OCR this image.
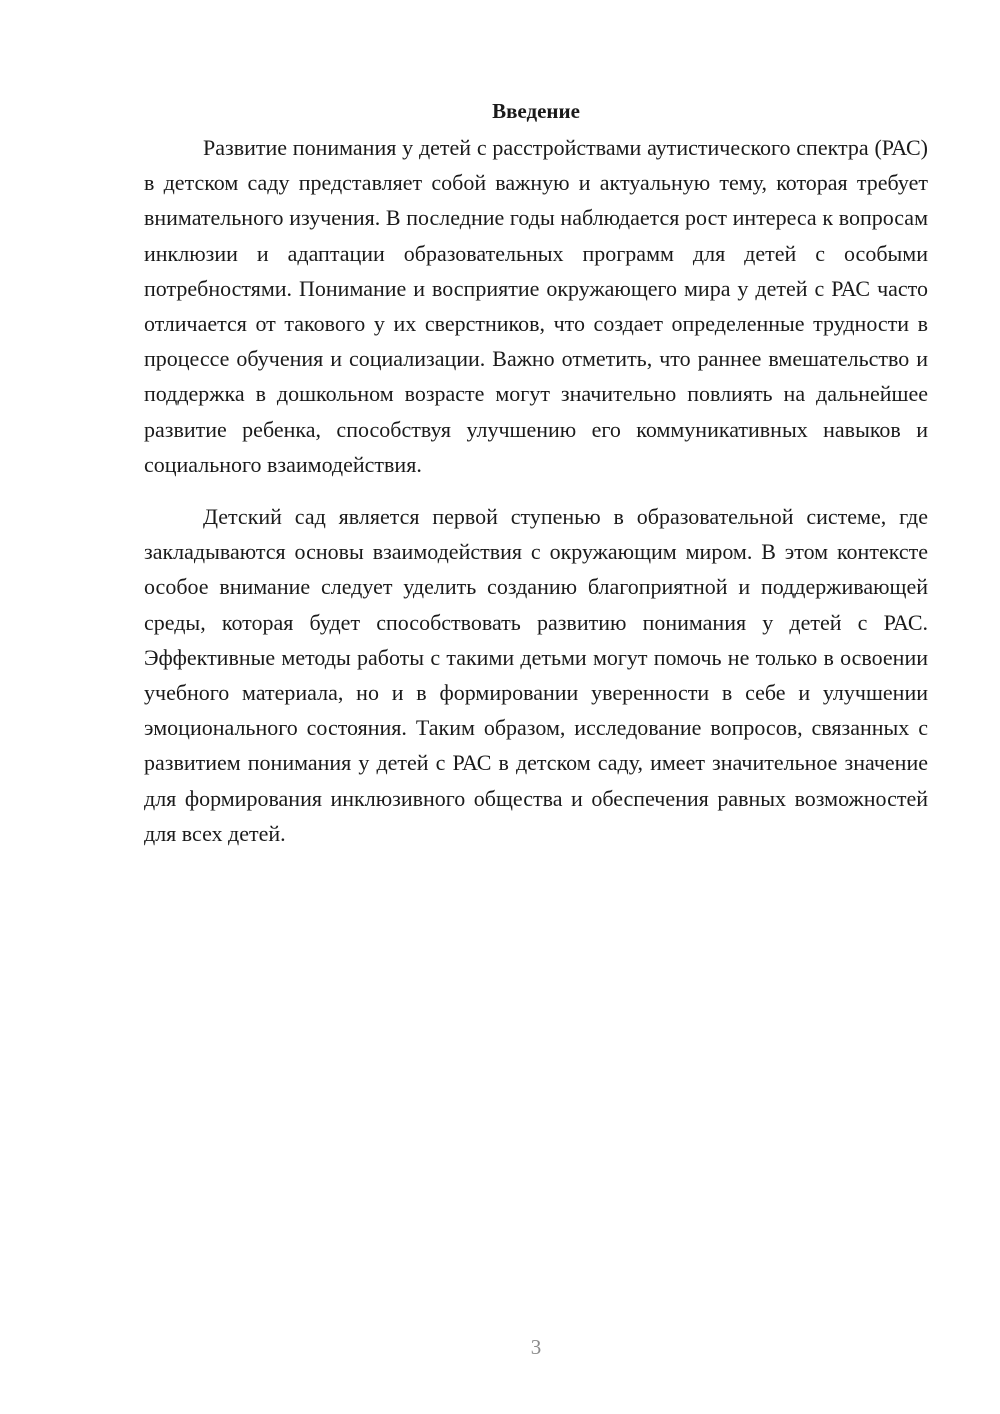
Введение

Развитие понимания у детей с расстройствами аутистического спектра (РАС) в детском саду представляет собой важную и актуальную тему, которая требует внимательного изучения. В последние годы наблюдается рост интереса к вопросам инклюзии и адаптации образовательных программ для детей с особыми потребностями. Понимание и восприятие окружающего мира у детей с РАС часто отличается от такового у их сверстников, что создает определенные трудности в процессе обучения и социализации. Важно отметить, что раннее вмешательство и поддержка в дошкольном возрасте могут значительно повлиять на дальнейшее развитие ребенка, способствуя улучшению его коммуникативных навыков и социального взаимодействия.

Детский сад является первой ступенью в образовательной системе, где закладываются основы взаимодействия с окружающим миром. В этом контексте особое внимание следует уделить созданию благоприятной и поддерживающей среды, которая будет способствовать развитию понимания у детей с РАС. Эффективные методы работы с такими детьми могут помочь не только в освоении учебного материала, но и в формировании уверенности в себе и улучшении эмоционального состояния. Таким образом, исследование вопросов, связанных с развитием понимания у детей с РАС в детском саду, имеет значительное значение для формирования инклюзивного общества и обеспечения равных возможностей для всех детей.

3
